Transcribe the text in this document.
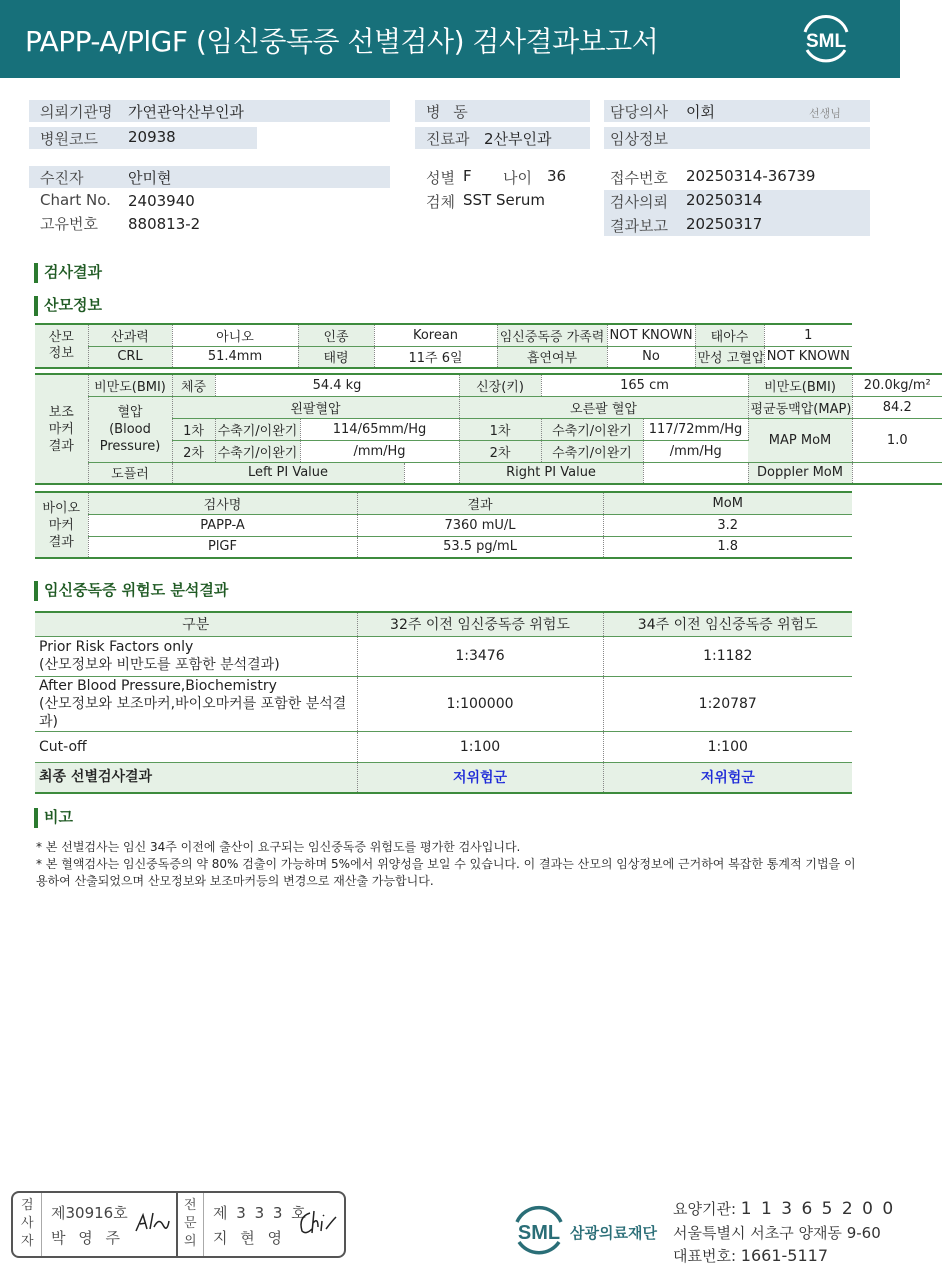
PAPP-A/PlGF (임신중독증 선별검사) 검사결과보고서	SML
의뢰기관명 가연관악산부인과
병원코드 20938
병 동
진료과 2산부인과
담당의사 이회	선생님
임상정보
수진자	안미현
Chart No. 2403940
고유번호 880813-2
성별 F 나이 36
검체 SST Serum
접수번호 20250314-36739
검사의뢰 20250314
결과보고 20250317
검사결과
산모정보
산모
정보	산과력	아니오	인종	Korean	임신중독증 가족력	NOT KNOWN	태아수	1
	CRL	51.4mm	태령	11주 6일	흡연여부	No	만성 고혈압	NOT KNOWN
보조
마커
결과	비만도(BMI)	체중	54.4 kg			신장(키)	165 cm		비만도(BMI)	20.0kg/m²
	혈압
(Blood
Pressure)	왼팔혈압				오른팔 혈압			평균동맥압(MAP)	84.2
		1차	수축기/이완기	114/65mm/Hg		1차	수축기/이완기	117/72mm/Hg	MAP MoM	1.0
		2차	수축기/이완기	/mm/Hg		2차	수축기/이완기	/mm/Hg		
	도플러	Left PI Value				Right PI Value			Doppler MoM	
바이오
마커
결과	검사명	결과	MoM
	PAPP-A	7360 mU/L	3.2
	PlGF	53.5 pg/mL	1.8
임신중독증 위험도 분석결과
구분	32주 이전 임신중독증 위험도	34주 이전 임신중독증 위험도

Prior Risk Factors only
(산모정보와 비만도를 포함한 분석결과)	1:3476	1:1182

After Blood Pressure,Biochemistry
(산모정보와 보조마커,바이오마커를 포함한 분석결과)	1:100000	1:20787

Cut-off	1:100	1:100
최종 선별검사결과	저위험군	저위험군
비고
* 본 선별검사는 임신 34주 이전에 출산이 요구되는 임신중독증 위험도를 평가한 검사입니다.
* 본 혈액검사는 임신중독증의 약 80% 검출이 가능하며 5%에서 위양성을 보일 수 있습니다. 이 결과는 산모의 임상정보에 근거하여 복잡한 통계적 기법을 이
용하여 산출되었으며 산모정보와 보조마커등의 변경으로 재산출 가능합니다.
검
사
자
제30916호
박 영 주
전
문
의
제 3 3 3 호
지 현 영	SML 삼광의료재단
요양기관: 1 1 3 6 5 2 0 0
서울특별시 서초구 양재동 9-60
대표번호: 1661-5117
